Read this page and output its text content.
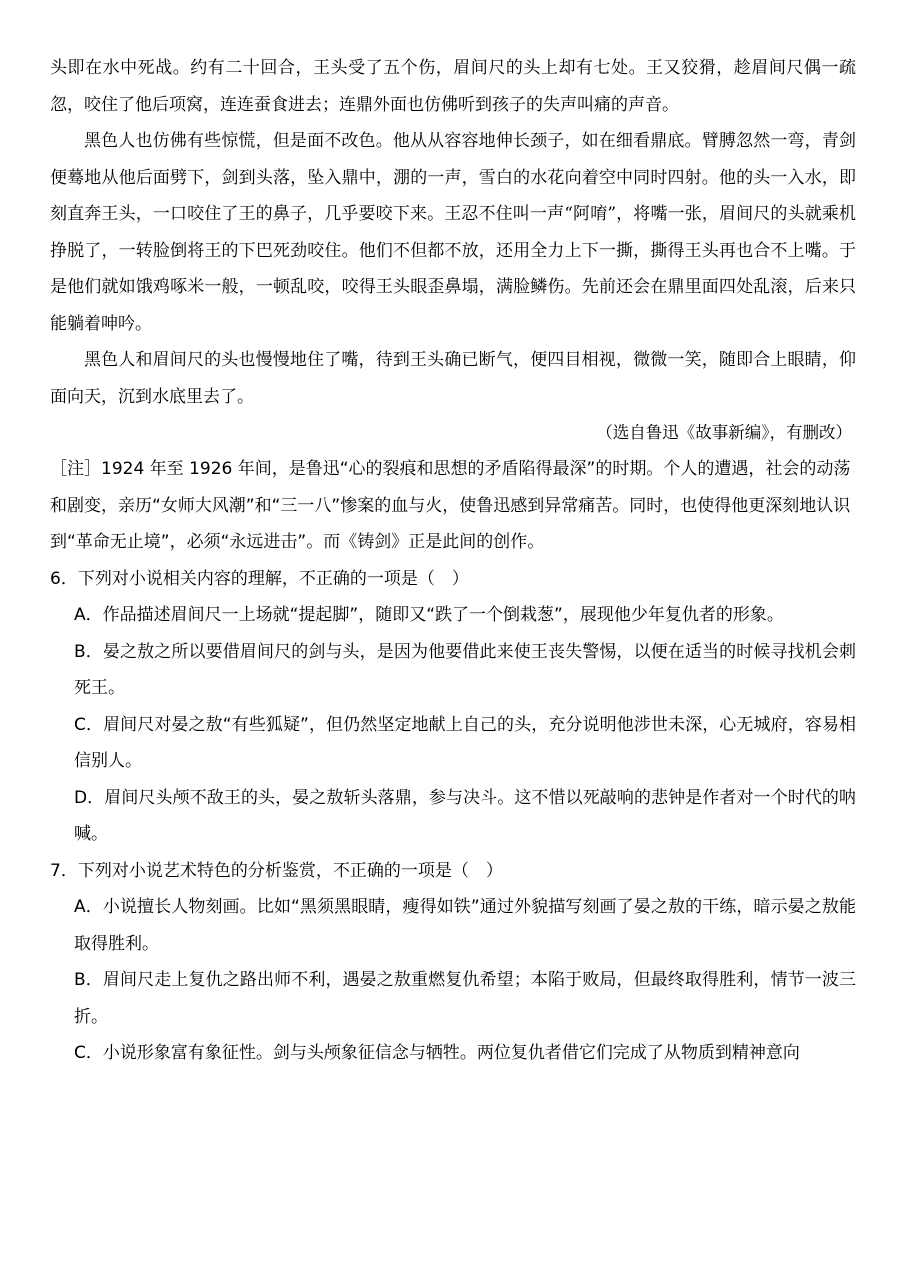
头即在水中死战。约有二十回合，王头受了五个伤，眉间尺的头上却有七处。王又狡猾，趁眉间尺偶一疏忽，咬住了他后项窝，连连蚕食进去；连鼎外面也仿佛听到孩子的失声叫痛的声音。

黑色人也仿佛有些惊慌，但是面不改色。他从从容容地伸长颈子，如在细看鼎底。臂膊忽然一弯，青剑便蓦地从他后面劈下，剑到头落，坠入鼎中，淜的一声，雪白的水花向着空中同时四射。他的头一入水，即刻直奔王头，一口咬住了王的鼻子，几乎要咬下来。王忍不住叫一声“阿唷”，将嘴一张，眉间尺的头就乘机挣脱了，一转脸倒将王的下巴死劲咬住。他们不但都不放，还用全力上下一撕，撕得王头再也合不上嘴。于是他们就如饿鸡啄米一般，一顿乱咬，咬得王头眼歪鼻塌，满脸鳞伤。先前还会在鼎里面四处乱滚，后来只能躺着呻吟。

黑色人和眉间尺的头也慢慢地住了嘴，待到王头确已断气，便四目相视，微微一笑，随即合上眼睛，仰面向天，沉到水底里去了。

（选自鲁迅《故事新编》，有删改）

［注］1924 年至 1926 年间，是鲁迅“心的裂痕和思想的矛盾陷得最深”的时期。个人的遭遇，社会的动荡和剧变，亲历“女师大风潮”和“三一八”惨案的血与火，使鲁迅感到异常痛苦。同时，也使得他更深刻地认识到“革命无止境”，必须“永远进击”。而《铸剑》正是此间的创作。

6．下列对小说相关内容的理解，不正确的一项是（　）

A．作品描述眉间尺一上场就“提起脚”，随即又“跌了一个倒栽葱”，展现他少年复仇者的形象。

B．晏之敖之所以要借眉间尺的剑与头，是因为他要借此来使王丧失警惕，以便在适当的时候寻找机会刺死王。

C．眉间尺对晏之敖“有些狐疑”，但仍然坚定地献上自己的头，充分说明他涉世未深，心无城府，容易相信别人。

D．眉间尺头颅不敌王的头，晏之敖斩头落鼎，参与决斗。这不惜以死敲响的悲钟是作者对一个时代的呐喊。

7．下列对小说艺术特色的分析鉴赏，不正确的一项是（　）

A．小说擅长人物刻画。比如“黑须黑眼睛，瘦得如铁”通过外貌描写刻画了晏之敖的干练，暗示晏之敖能取得胜利。

B．眉间尺走上复仇之路出师不利，遇晏之敖重燃复仇希望；本陷于败局，但最终取得胜利，情节一波三折。

C．小说形象富有象征性。剑与头颅象征信念与牺牲。两位复仇者借它们完成了从物质到精神意向
